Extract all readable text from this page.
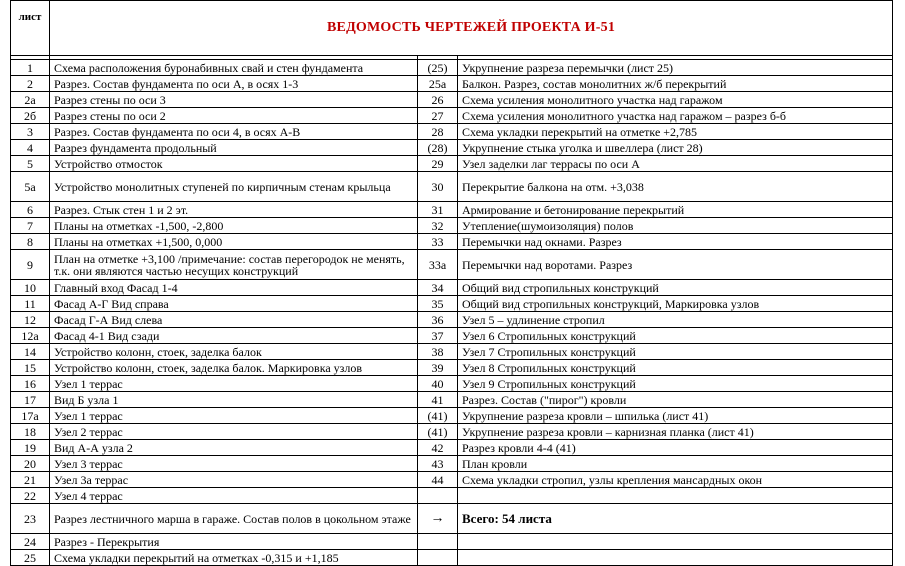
лист	ВЕДОМОСТЬ ЧЕРТЕЖЕЙ ПРОЕКТА И-51		

1	Схема расположения буронабивных свай и стен фундамента	(25)	Укрупнение разреза перемычки (лист 25)
2	Разрез. Состав фундамента по оси А, в осях 1-3	25а	Балкон. Разрез, состав монолитних ж/б перекрытий
2а	Разрез стены по оси 3	26	Схема усиления монолитного участка над гаражом
2б	Разрез стены по оси 2	27	Схема усиления монолитного участка над гаражом – разрез б-б
3	Разрез. Состав фундамента по оси 4, в осях А-В	28	Схема укладки перекрытий на отметке +2,785
4	Разрез фундамента продольный	(28)	Укрупнение стыка уголка и швеллера (лист 28)
5	Устройство отмосток	29	Узел заделки лаг террасы по оси А
5а	Устройство монолитных ступеней по кирпичным стенам крыльца	30	Перекрытие балкона на отм. +3,038
6	Разрез. Стык стен 1 и 2 эт.	31	Армирование и бетонирование перекрытий
7	Планы на отметках -1,500, -2,800	32	Утепление(шумоизоляция) полов
8	Планы на отметках +1,500, 0,000	33	Перемычки над окнами. Разрез
9	План на отметке +3,100 /примечание: состав перегородок не менять, т.к. они являются частью несущих конструкций	33а	Перемычки над воротами. Разрез
10	Главный вход Фасад 1-4	34	Общий вид стропильных конструкций
11	Фасад А-Г Вид справа	35	Общий вид стропильных конструкций, Маркировка узлов
12	Фасад Г-А Вид слева	36	Узел 5 – удлинение стропил
12а	Фасад 4-1 Вид сзади	37	Узел 6 Стропильных конструкций
14	Устройство колонн, стоек, заделка балок	38	Узел 7 Стропильных конструкций
15	Устройство колонн, стоек, заделка балок. Маркировка узлов	39	Узел 8 Стропильных конструкций
16	Узел 1 террас	40	Узел 9 Стропильных конструкций
17	Вид Б узла 1	41	Разрез. Состав ("пирог") кровли
17а	Узел 1 террас	(41)	Укрупнение разреза кровли – шпилька (лист 41)
18	Узел 2 террас	(41)	Укрупнение разреза кровли – карнизная планка (лист 41)
19	Вид А-А узла 2	42	Разрез кровли 4-4 (41)
20	Узел 3 террас	43	План кровли
21	Узел 3а террас	44	Схема укладки стропил, узлы крепления мансардных окон
22	Узел 4 террас		
23	Разрез лестничного марша в гараже. Состав полов в цокольном этаже	→	Всего: 54 листа
24	Разрез - Перекрытия		
25	Схема укладки перекрытий на отметках -0,315 и +1,185		
